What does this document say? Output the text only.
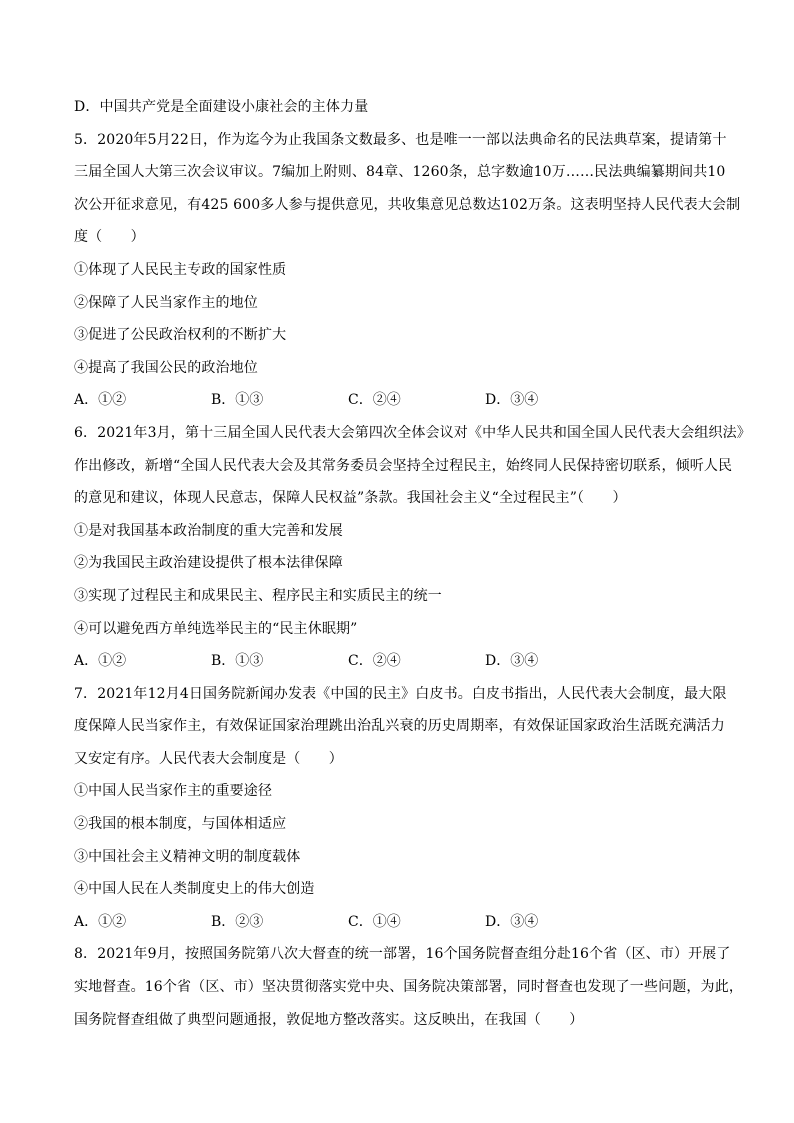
D．中国共产党是全面建设小康社会的主体力量
5．2020年5月22日，作为迄今为止我国条文数最多、也是唯一一部以法典命名的民法典草案，提请第十
三届全国人大第三次会议审议。7编加上附则、84章、1260条，总字数逾10万……民法典编纂期间共10
次公开征求意见，有425 600多人参与提供意见，共收集意见总数达102万条。这表明坚持人民代表大会制
度（　　）
①体现了人民民主专政的国家性质
②保障了人民当家作主的地位
③促进了公民政治权利的不断扩大
④提高了我国公民的政治地位
A．①②	B．①③	C．②④	D．③④
6．2021年3月，第十三届全国人民代表大会第四次全体会议对《中华人民共和国全国人民代表大会组织法》
作出修改，新增“全国人民代表大会及其常务委员会坚持全过程民主，始终同人民保持密切联系，倾听人民
的意见和建议，体现人民意志，保障人民权益”条款。我国社会主义“全过程民主”（　　）
①是对我国基本政治制度的重大完善和发展
②为我国民主政治建设提供了根本法律保障
③实现了过程民主和成果民主、程序民主和实质民主的统一
④可以避免西方单纯选举民主的“民主休眠期”
A．①②	B．①③	C．②④	D．③④
7．2021年12月4日国务院新闻办发表《中国的民主》白皮书。白皮书指出，人民代表大会制度，最大限
度保障人民当家作主，有效保证国家治理跳出治乱兴衰的历史周期率，有效保证国家政治生活既充满活力
又安定有序。人民代表大会制度是（　　）
①中国人民当家作主的重要途径
②我国的根本制度，与国体相适应
③中国社会主义精神文明的制度载体
④中国人民在人类制度史上的伟大创造
A．①②	B．②③	C．①④	D．③④
8．2021年9月，按照国务院第八次大督查的统一部署，16个国务院督查组分赴16个省（区、市）开展了
实地督查。16个省（区、市）坚决贯彻落实党中央、国务院决策部署，同时督查也发现了一些问题，为此，
国务院督查组做了典型问题通报，敦促地方整改落实。这反映出，在我国（　　）
